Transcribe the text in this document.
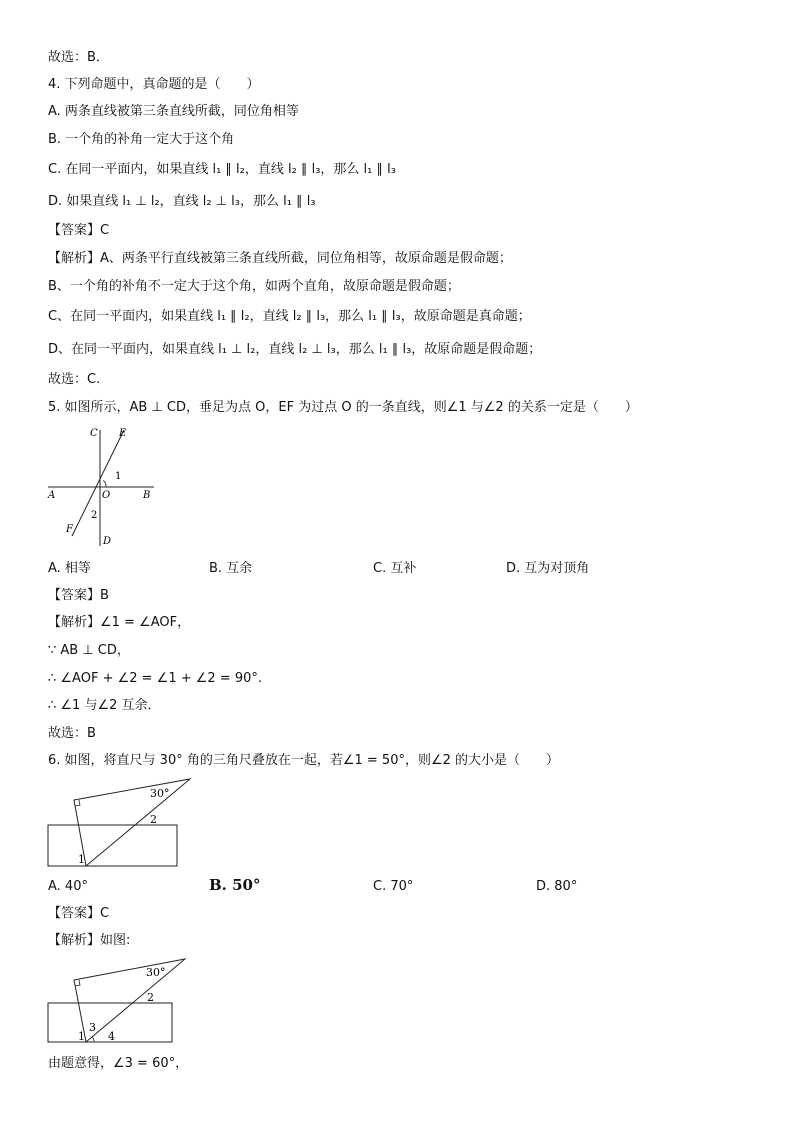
故选：B．
4. 下列命题中，真命题的是（　　）
A. 两条直线被第三条直线所截，同位角相等
B. 一个角的补角一定大于这个角
C. 在同一平面内，如果直线 l₁ ∥ l₂，直线 l₂ ∥ l₃，那么 l₁ ∥ l₃
D. 如果直线 l₁ ⊥ l₂，直线 l₂ ⊥ l₃，那么 l₁ ∥ l₃
【答案】C
【解析】A、两条平行直线被第三条直线所截，同位角相等，故原命题是假命题；
B、一个角的补角不一定大于这个角，如两个直角，故原命题是假命题；
C、在同一平面内，如果直线 l₁ ∥ l₂，直线 l₂ ∥ l₃，那么 l₁ ∥ l₃，故原命题是真命题；
D、在同一平面内，如果直线 l₁ ⊥ l₂，直线 l₂ ⊥ l₃，那么 l₁ ∥ l₃，故原命题是假命题；
故选：C.
5. 如图所示，AB ⊥ CD，垂足为点 O，EF 为过点 O 的一条直线，则∠1 与∠2 的关系一定是（　　）
C E
A	O	B
F
D
1
2
A. 相等	B. 互余	C. 互补	D. 互为对顶角
【答案】B
【解析】∠1 = ∠AOF，
∵ AB ⊥ CD，
∴ ∠AOF + ∠2 = ∠1 + ∠2 = 90°.
∴ ∠1 与∠2 互余．
故选：B
6. 如图，将直尺与 30° 角的三角尺叠放在一起，若∠1 = 50°，则∠2 的大小是（　　）
30°
2
1
A. 40°	B. 50°	C. 70°	D. 80°
【答案】C
【解析】如图:
30°
2
1
3
4
由题意得，∠3 = 60°，
